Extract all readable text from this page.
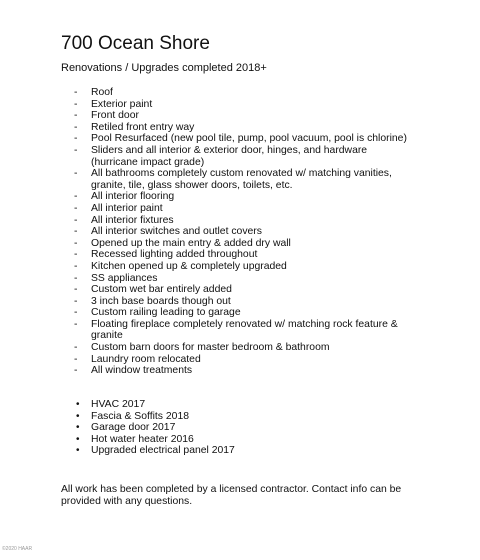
700 Ocean Shore

Renovations / Upgrades completed 2018+

- Roof
- Exterior paint
- Front door
- Retiled front entry way
- Pool Resurfaced (new pool tile, pump, pool vacuum, pool is chlorine)
- Sliders and all interior & exterior door, hinges, and hardware (hurricane impact grade)
- All bathrooms completely custom renovated w/ matching vanities, granite, tile, glass shower doors, toilets, etc.
- All interior flooring
- All interior paint
- All interior fixtures
- All interior switches and outlet covers
- Opened up the main entry & added dry wall
- Recessed lighting added throughout
- Kitchen opened up & completely upgraded
- SS appliances
- Custom wet bar entirely added
- 3 inch base boards though out
- Custom railing leading to garage
- Floating fireplace completely renovated w/ matching rock feature & granite
- Custom barn doors for master bedroom & bathroom
- Laundry room relocated
- All window treatments
• HVAC 2017
• Fascia & Soffits 2018
• Garage door 2017
• Hot water heater 2016
• Upgraded electrical panel 2017

All work has been completed by a licensed contractor. Contact info can be provided with any questions.

©2020 HAAR
